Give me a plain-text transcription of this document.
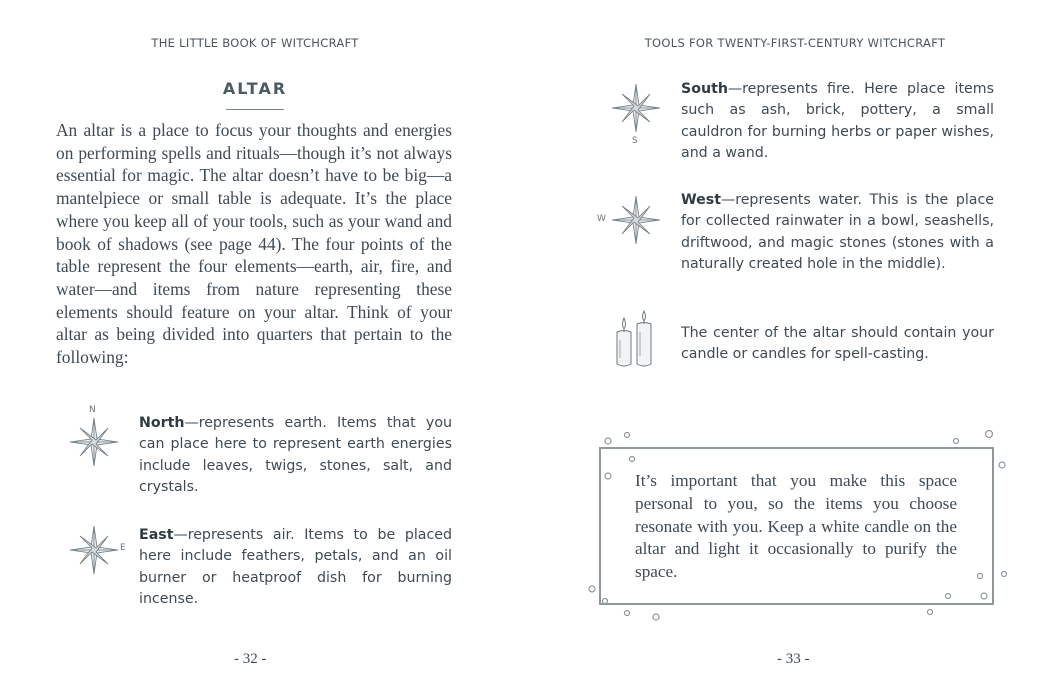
THE LITTLE BOOK OF WITCHCRAFT
ALTAR

An altar is a place to focus your thoughts and energies on performing spells and rituals—though it’s not always essential for magic. The altar doesn’t have to be big—a mantelpiece or small table is adequate. It’s the place where you keep all of your tools, such as your wand and book of shadows (see page 44). The four points of the table represent the four elements—earth, air, fire, and water—and items from nature representing these elements should feature on your altar. Think of your altar as being divided into quarters that pertain to the following:

N

North—represents earth. Items that you can place here to represent earth energies include leaves, twigs, stones, salt, and crystals.

E

East—represents air. Items to be placed here include feathers, petals, and an oil burner or heatproof dish for burning incense.

- 32 -
TOOLS FOR TWENTY-FIRST-CENTURY WITCHCRAFT
S

South—represents fire. Here place items such as ash, brick, pottery, a small cauldron for burning herbs or paper wishes, and a wand.

W

West—represents water. This is the place for collected rainwater in a bowl, seashells, driftwood, and magic stones (stones with a naturally created hole in the middle).

The center of the altar should contain your candle or candles for spell-casting.

It’s important that you make this space personal to you, so the items you choose resonate with you. Keep a white candle on the altar and light it occasionally to purify the space.

- 33 -
